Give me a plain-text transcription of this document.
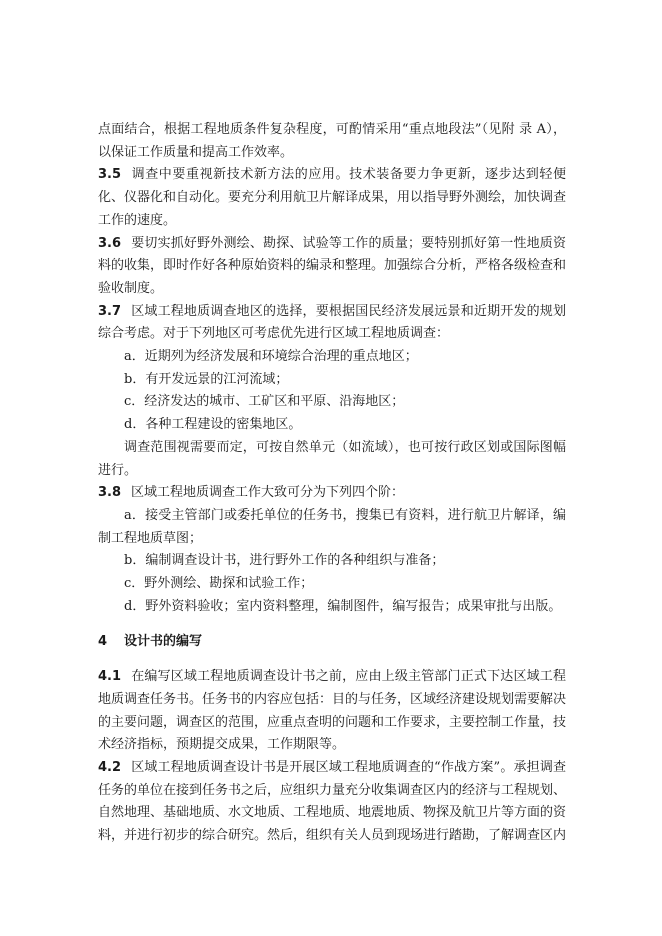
点面结合，根据工程地质条件复杂程度，可酌情采用“重点地段法”（见附 录 A），以保证工作质量和提高工作效率。

3.5 调查中要重视新技术新方法的应用。技术装备要力争更新，逐步达到轻便化、仪器化和自动化。要充分利用航卫片解译成果，用以指导野外测绘，加快调查工作的速度。

3.6 要切实抓好野外测绘、勘探、试验等工作的质量；要特别抓好第一性地质资料的收集，即时作好各种原始资料的编录和整理。加强综合分析，严格各级检查和验收制度。

3.7 区域工程地质调查地区的选择，要根据国民经济发展远景和近期开发的规划综合考虑。对于下列地区可考虑优先进行区域工程地质调查：

a．近期列为经济发展和环境综合治理的重点地区；

b．有开发远景的江河流域；

c．经济发达的城市、工矿区和平原、沿海地区；

d．各种工程建设的密集地区。

调查范围视需要而定，可按自然单元（如流域），也可按行政区划或国际图幅进行。

3.8 区域工程地质调查工作大致可分为下列四个阶：

a．接受主管部门或委托单位的任务书，搜集已有资料，进行航卫片解译，编制工程地质草图；

b．编制调查设计书，进行野外工作的各种组织与准备；

c．野外测绘、勘探和试验工作；

d．野外资料验收；室内资料整理，编制图件，编写报告；成果审批与出版。

4 设计书的编写

4.1 在编写区域工程地质调查设计书之前，应由上级主管部门正式下达区域工程地质调查任务书。任务书的内容应包括：目的与任务，区域经济建设规划需要解决的主要问题，调查区的范围，应重点查明的问题和工作要求，主要控制工作量，技术经济指标，预期提交成果，工作期限等。

4.2 区域工程地质调查设计书是开展区域工程地质调查的“作战方案”。承担调查任务的单位在接到任务书之后，应组织力量充分收集调查区内的经济与工程规划、自然地理、基础地质、水文地质、工程地质、地震地质、物探及航卫片等方面的资料，并进行初步的综合研究。然后，组织有关人员到现场进行踏勘，了解调查区内
